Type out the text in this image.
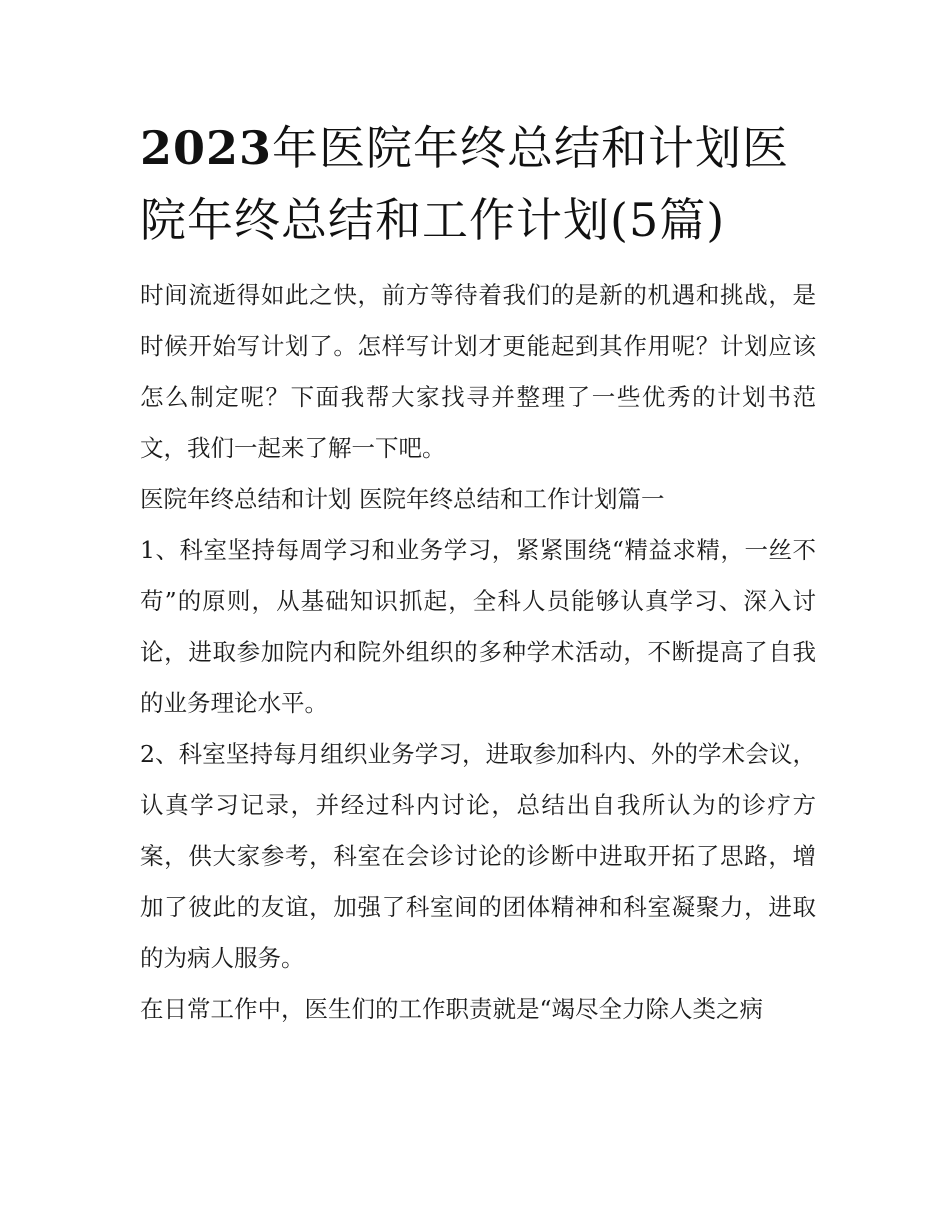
2023年医院年终总结和计划医院年终总结和工作计划(5篇)

时间流逝得如此之快，前方等待着我们的是新的机遇和挑战，是时候开始写计划了。怎样写计划才更能起到其作用呢？计划应该怎么制定呢？下面我帮大家找寻并整理了一些优秀的计划书范文，我们一起来了解一下吧。

医院年终总结和计划 医院年终总结和工作计划篇一

1、科室坚持每周学习和业务学习，紧紧围绕“精益求精，一丝不苟”的原则，从基础知识抓起，全科人员能够认真学习、深入讨论，进取参加院内和院外组织的多种学术活动，不断提高了自我的业务理论水平。

2、科室坚持每月组织业务学习，进取参加科内、外的学术会议，认真学习记录，并经过科内讨论，总结出自我所认为的诊疗方案，供大家参考，科室在会诊讨论的诊断中进取开拓了思路，增加了彼此的友谊，加强了科室间的团体精神和科室凝聚力，进取的为病人服务。

在日常工作中，医生们的工作职责就是“竭尽全力除人类之病
